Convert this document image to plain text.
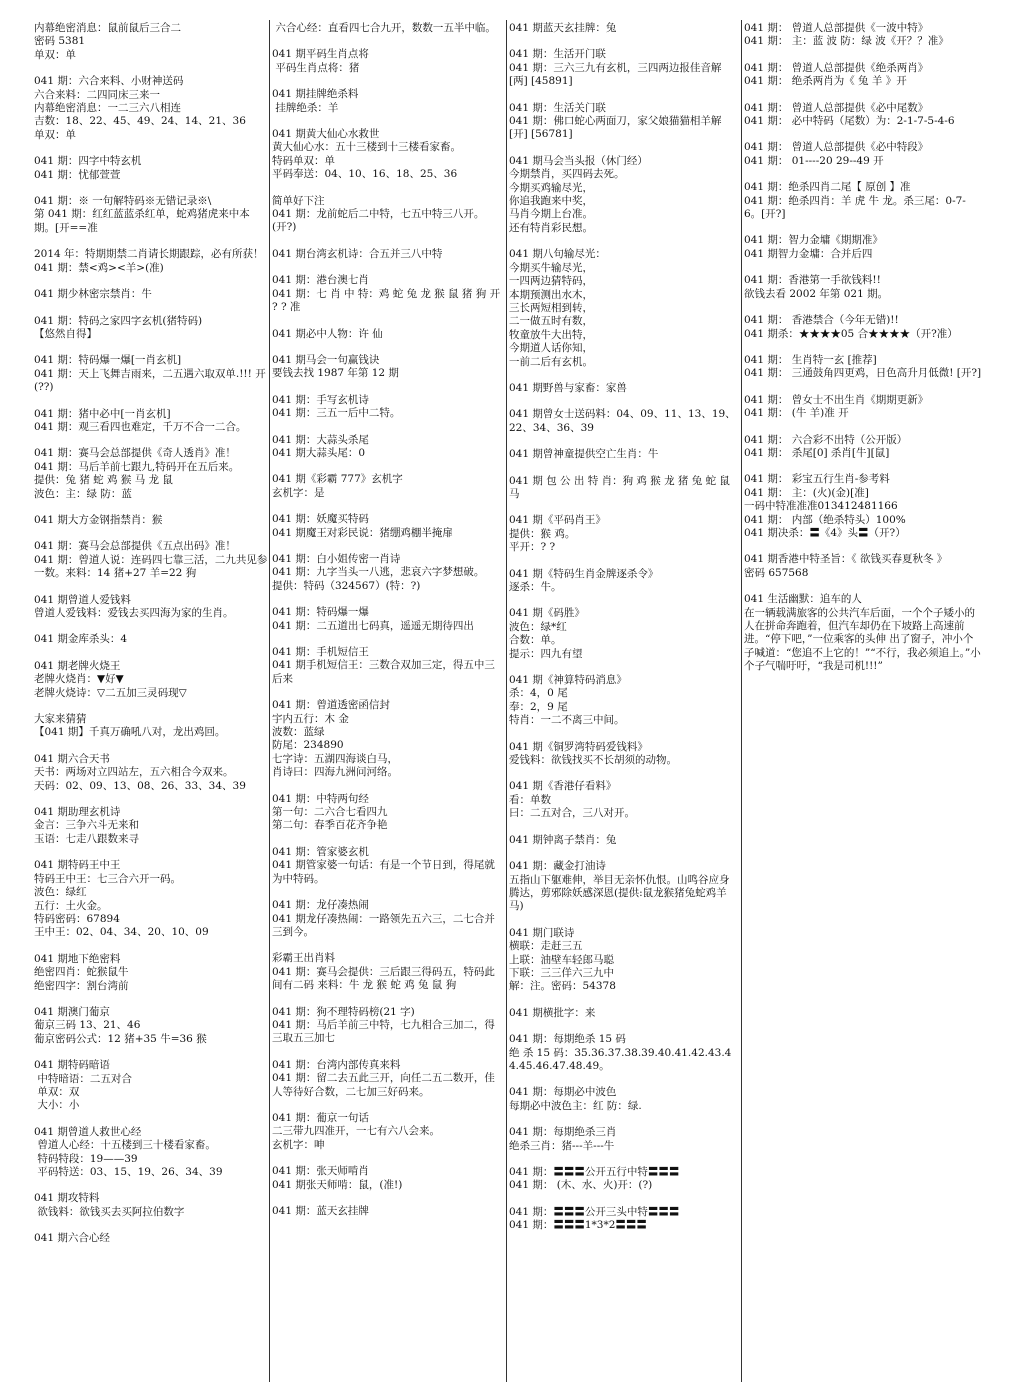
内幕绝密消息：鼠前鼠后三合二
密码 5381
单双：单
041 期：六合来料、小财神送码
六合来料：二四同床三来一
内幕绝密消息：一二三六八相连
吉数：18、22、45、49、24、14、21、36
单双：单
041 期：四字中特玄机
041 期：忧郁萱萱
041 期：※ 一句解特码※无错记录※\
第 041 期：红红蓝蓝杀红单，蛇鸡猪虎来中本期。[开==准
2014 年：特期期禁二肖请长期跟踪，必有所获！
041 期：禁<鸡><羊>(准)
041 期少林密宗禁肖：牛
041 期：特码之家四字玄机(猪特码)
【悠然自得】
041 期：特码爆一爆[一肖玄机]
041 期：天上飞舞吉雨来，二五遇六取双单.!!! 开 (??)
041 期：猪中必中[一肖玄机]
041 期：观三看四也难定，千万不合一二合。
041 期：赛马会总部提供《奇人透肖》准！
041 期：马后羊前七跟九,特码开在五后来。
提供：兔 猪 蛇 鸡 猴 马 龙 鼠
波色：主：绿 防：蓝
041 期大方金钢指禁肖：猴
041 期：赛马会总部提供《五点出码》准！
041 期：曾道人说：连码四七靠三活，二九共见参一数。来料：14 猪+27 羊=22 狗
041 期曾道人爱钱料
曾道人爱钱料：爱钱去买四海为家的生肖。
041 期金库杀头：4
041 期老牌火烧王
老牌火烧肖：▼好▼
老牌火烧诗：▽二五加三灵码现▽
大家来猜猜
【041 期】千真万确吼八对，龙出鸡回。
041 期六合天书
天书：两场对立四站左，五六相合今双来。
天码：02、09、13、08、26、33、34、39
041 期助理玄机诗
金言：三争六斗无来和
玉语：七走八跟数来寻
041 期特码王中王
特码王中王：七三合六开一码。
波色：绿红
五行：土火金。
特码密码：67894
王中王：02、04、34、20、10、09
041 期地下绝密料
绝密四肖：蛇猴鼠牛
绝密四字：割台湾前
041 期澳门葡京
葡京三码 13、21、46
葡京密码公式：12 猪+35 牛=36 猴
041 期特码暗语
中特暗语：二五对合
单双：双
大小：小
041 期曾道人救世心经
曾道人心经：十五楼到三十楼看家畜。
特码特段：19——39
平码特送：03、15、19、26、34、39
041 期攻特料
欲钱料：欲钱买去买阿拉伯数字
041 期六合心经
六合心经：直看四七合九开，数数一五半中临。
041 期平码生肖点将
平码生肖点将：猪
041 期挂牌绝杀料
挂牌绝杀：羊
041 期黄大仙心水救世
黄大仙心水：五十三楼到十三楼看家畜。
特码单双：单
平码奉送：04、10、16、18、25、36
简单好下注
041 期：龙前蛇后二中特，七五中特三八开。(开?)
041 期台湾玄机诗：合五并三八中特
041 期：港台澳七肖
041 期：七 肖 中 特：鸡 蛇 兔 龙 猴 鼠 猪 狗 开 ? ? 准
041 期必中人物：许 仙
041 期马会一句赢钱诀
要钱去找 1987 年第 12 期
041 期：手写玄机诗
041 期：三五一后中二特。
041 期：大蒜头杀尾
041 期大蒜头尾：0
041 期《彩霸 777》玄机字
玄机字：是
041 期：妖魔买特码
041 期魔王对彩民说：猪绷鸡棚半掩扉
041 期：白小姐传密一肖诗
041 期：九字当头一八逃，悲哀六字梦想破。
提供：特码（324567）(特：?)
041 期：特码爆一爆
041 期：二五道出七码真，遥遥无期待四出
041 期：手机短信王
041 期手机短信王：三数合双加三定，得五中三后来
041 期：曾道透密函信封
宇内五行：木 金
波数：蓝绿
防尾：234890
七字诗：五湖四海谈白马，
肖诗曰：四海九洲问河络。
041 期：中特两句经
第一句：二六合七看四九
第二句：春季百花齐争艳
041 期：管家婆玄机
041 期管家婆一句话：有是一个节日到，得尾就为中特码。
041 期：龙仔凑热闹
041 期龙仔凑热闹：一路领先五六三，二七合并三到今。
彩霸王出肖料
041 期：赛马会提供：三后跟三得码五，特码此间有二码 来料：牛 龙 猴 蛇 鸡 兔 鼠 狗
041 期：狗不理特码榜(21 字)
041 期：马后羊前三中特，七九相合三加二，得三取五三加七
041 期：台湾内部传真来料
041 期：留二去五此三开，向任二五二数开，佳人等待好合数，二七加三好码来。
041 期：葡京一句话
二三带九四准开，一七有六八会来。
玄机字：呻
041 期：张天师啃肖
041 期张天师啃：鼠，(准!)
041 期：蓝天玄挂牌
041 期蓝天玄挂牌：兔
041 期：生活开门联
041 期：三六三九有玄机，三四两边报佳音解 [两] [45891]
041 期：生活关门联
041 期：佛口蛇心两面刀，家父娘猫猫相羊解 [开] [56781]
041 期马会当头报（休门经）
今期禁肖，买四码去死。
今期买鸡输尽光，
你追我跑来中奖，
马肖今期上台准。
还有特肖彩民想。
041 期八句输尽光：
今期买牛输尽光，
一四两边猜特码，
本期预测出水木，
三长两短相到转，
二一做五时有数，
牧童放牛大出特，
今期道人话你知，
一前二后有玄机。
041 期野兽与家畜：家兽
041 期曾女士送码料：04、09、11、13、19、22、34、36、39
041 期曾神童提供空亡生肖：牛
041 期 包 公 出 特 肖：狗 鸡 猴 龙 猪 兔 蛇 鼠 马
041 期《平码肖王》
提供：猴 鸡。
平开：? ?
041 期《特码生肖金牌逐杀令》
逐杀：牛。
041 期《码胜》
波色：绿*红
合数：单。
提示：四九有望
041 期《神算特码消息》
杀：4，0 尾
奉：2，9 尾
特肖：一二不离三中间。
041 期《铜罗湾特码爱钱料》
爱钱料：欲钱找买不长胡须的动物。
041 期《香港仔看料》
看：单数
曰：二五对合，三八对开。
041 期钟离子禁肖：兔
041 期：藏金打油诗
五指山下躯难伸，举目无亲怀仇恨。山鸣谷应身腾达，剪邪除妖感深恩(提供:鼠龙猴猪兔蛇鸡羊马)
041 期门联诗
横联：走赶三五
上联：油壁车轻郎马聪
下联：三三佯六三九中
解：注。密码：54378
041 期横批字：来
041 期：每期绝杀 15 码
绝 杀 15 码：35.36.37.38.39.40.41.42.43.44.45.46.47.48.49。
041 期：每期必中波色
每期必中波色主：红 防：绿.
041 期：每期绝杀三肖
绝杀三肖：猪---羊---牛
041 期：〓〓〓公开五行中特〓〓〓
041 期： (木、水、火)开：(?)
041 期：〓〓〓公开三头中特〓〓〓
041 期：〓〓〓1*3*2〓〓〓
041 期： 曾道人总部提供《一波中特》
041 期： 主：蓝 波 防：绿 波《开？？准》
041 期： 曾道人总部提供《绝杀两肖》
041 期： 绝杀两肖为《 兔 羊 》开
041 期： 曾道人总部提供《必中尾数》
041 期： 必中特码（尾数）为：2-1-7-5-4-6
041 期： 曾道人总部提供《必中特段》
041 期： 01----20 29--49 开
041 期：绝杀四肖二尾【 原创 】准
041 期：绝杀四肖：羊 虎 牛 龙。杀三尾：0-7-6。[开?]
041 期：智力金墉《期期准》
041 期智力金墉：合并后四
041 期：香港第一手欲钱料!!
欲钱去看 2002 年第 021 期。
041 期： 香港禁合（今年无错)!!
041 期杀：★★★★05 合★★★★（开?准）
041 期： 生肖特一玄 [推荐]
041 期： 三通鼓角四更鸡，日色高升月低微! [开?]
041 期： 曾女士不出生肖《期期更新》
041 期： (牛 羊)准 开
041 期： 六合彩不出特（公开版）
041 期： 杀尾[0] 杀肖[牛][鼠]
041 期： 彩宝五行生肖-参考料
041 期： 主：(火)(金)[准]
一码中特准准准013412481166
041 期： 内部（绝杀特头）100%
041 期决杀：〓《4》头〓（开?）
041 期香港中特圣旨：《 欲钱买春夏秋冬 》
密码 657568
041 生活幽默：追车的人
在一辆载满旅客的公共汽车后面，一个个子矮小的人在拼命奔跑着，但汽车却仍在下坡路上高速前进。“停下吧，”一位乘客的头伸 出了窗子，冲小个子喊道：“您追不上它的！”“不行，我必须追上。”小个子气喘吁吁，“我是司机!!!”
